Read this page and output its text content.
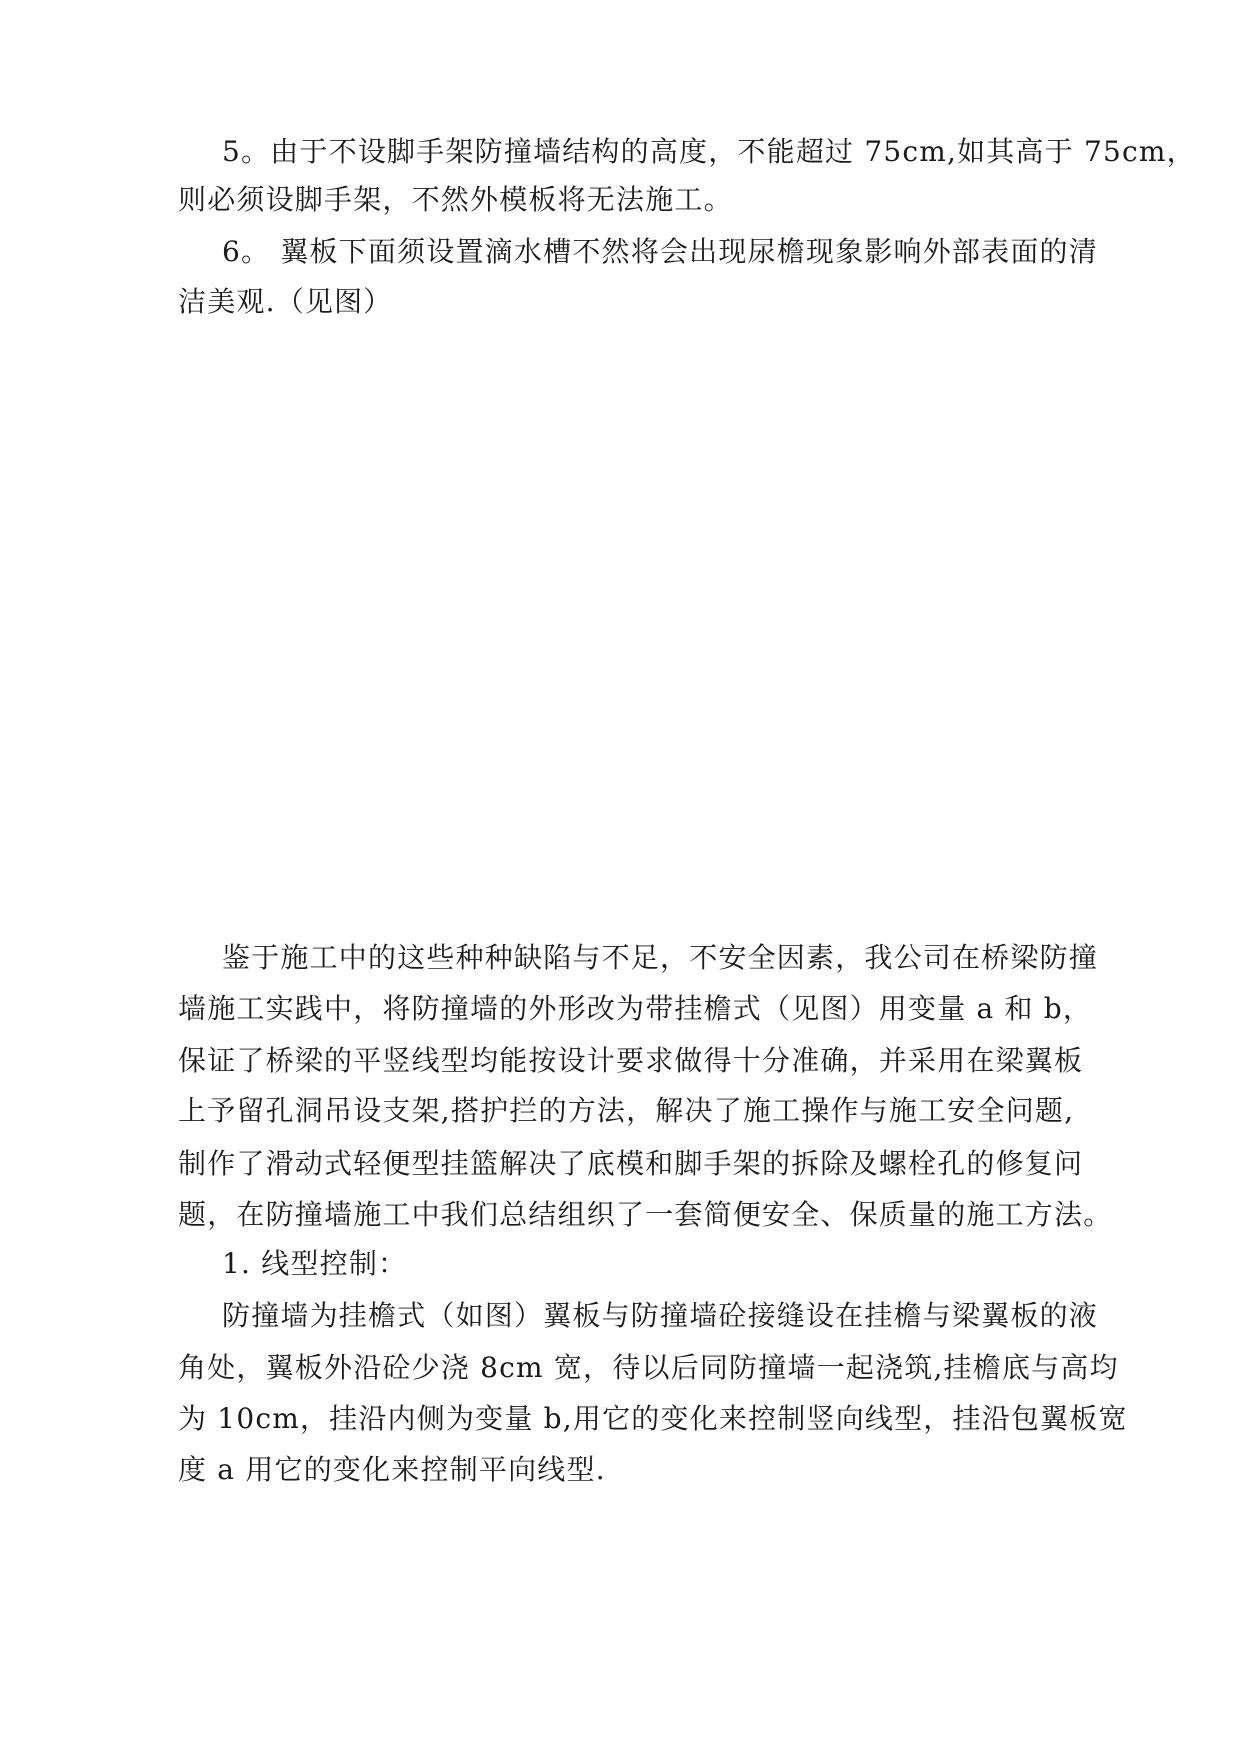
5。由于不设脚手架防撞墙结构的高度，不能超过 75cm,如其高于 75cm，

则必须设脚手架，不然外模板将无法施工。

6。 翼板下面须设置滴水槽不然将会出现尿檐现象影响外部表面的清

洁美观.（见图）

鉴于施工中的这些种种缺陷与不足，不安全因素，我公司在桥梁防撞

墙施工实践中，将防撞墙的外形改为带挂檐式（见图）用变量 a 和 b，

保证了桥梁的平竖线型均能按设计要求做得十分准确，并采用在梁翼板

上予留孔洞吊设支架,搭护拦的方法，解决了施工操作与施工安全问题,

制作了滑动式轻便型挂篮解决了底模和脚手架的拆除及螺栓孔的修复问

题，在防撞墙施工中我们总结组织了一套简便安全、保质量的施工方法。

1. 线型控制：

防撞墙为挂檐式（如图）翼板与防撞墙砼接缝设在挂檐与梁翼板的液

角处，翼板外沿砼少浇 8cm 宽，待以后同防撞墙一起浇筑,挂檐底与高均

为 10cm，挂沿内侧为变量 b,用它的变化来控制竖向线型，挂沿包翼板宽

度 a 用它的变化来控制平向线型.
